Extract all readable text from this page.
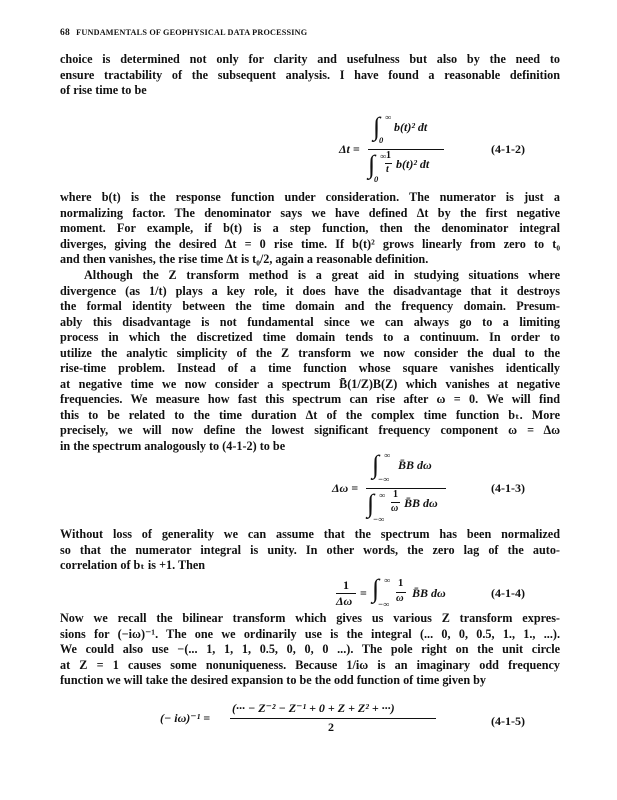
68 FUNDAMENTALS OF GEOPHYSICAL DATA PROCESSING
choice is determined not only for clarity and usefulness but also by the need to
ensure tractability of the subsequent analysis. I have found a reasonable definition
of rise time to be
Δt =
∫ ∞
0
b(t)² dt
∫ ∞
0
1
t b(t)² dt
(4-1-2)
where b(t) is the response function under consideration. The numerator is just a
normalizing factor. The denominator says we have defined Δt by the first negative
moment. For example, if b(t) is a step function, then the denominator integral
diverges, giving the desired Δt = 0 rise time. If b(t)² grows linearly from zero to t₀
and then vanishes, the rise time Δt is t₀/2, again a reasonable definition.
Although the Z transform method is a great aid in studying situations where
divergence (as 1/t) plays a key role, it does have the disadvantage that it destroys
the formal identity between the time domain and the frequency domain. Presum-
ably this disadvantage is not fundamental since we can always go to a limiting
process in which the discretized time domain tends to a continuum. In order to
utilize the analytic simplicity of the Z transform we now consider the dual to the
rise-time problem. Instead of a time function whose square vanishes identically
at negative time we now consider a spectrum B̄(1/Z)B(Z) which vanishes at negative
frequencies. We measure how fast this spectrum can rise after ω = 0. We will find
this to be related to the time duration Δt of the complex time function bₜ. More
precisely, we will now define the lowest significant frequency component ω = Δω
in the spectrum analogously to (4-1-2) to be
Δω =
∫ ∞
−∞
B̄B dω
∫ ∞
−∞
1
ω B̄B dω
(4-1-3)
Without loss of generality we can assume that the spectrum has been normalized
so that the numerator integral is unity. In other words, the zero lag of the auto-
correlation of bₜ is +1. Then
1
Δω
= ∫ ∞
−∞
1
ω B̄B dω	(4-1-4)
Now we recall the bilinear transform which gives us various Z transform expres-
sions for (−iω)⁻¹. The one we ordinarily use is the integral (... 0, 0, 0.5, 1., 1., ...).
We could also use −(... 1, 1, 1, 0.5, 0, 0, 0 ...). The pole right on the unit circle
at Z = 1 causes some nonuniqueness. Because 1/iω is an imaginary odd frequency
function we will take the desired expansion to be the odd function of time given by
(− iω)⁻¹ =
(··· − Z⁻² − Z⁻¹ + 0 + Z + Z² + ···)
2	(4-1-5)
